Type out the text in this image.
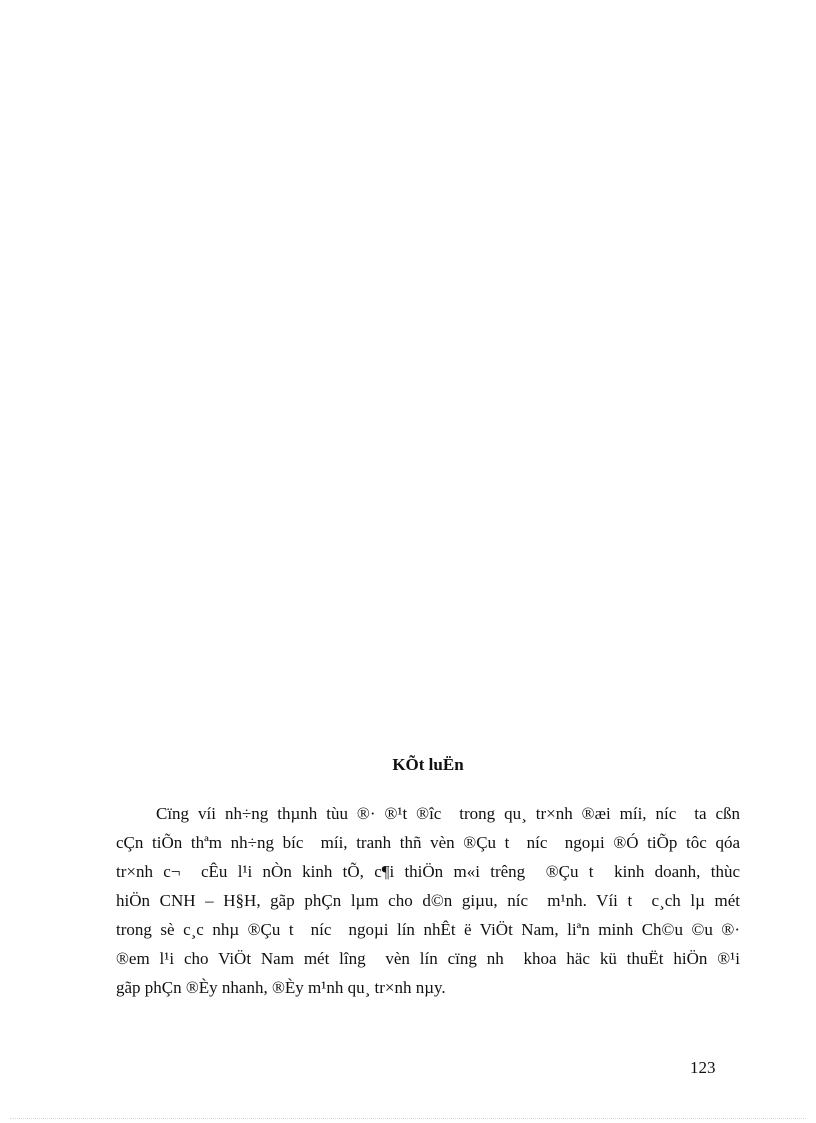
KÕt luËn
Cïng víi nh÷ng thµnh tùu ®· ®¹t ®îc  trong qu¸ tr×nh ®æi míi, níc  ta cßn
cÇn tiÕn thªm nh÷ng bíc  míi, tranh thñ vèn ®Çu t  níc  ngoµi ®Ó tiÕp tôc qóa
tr×nh c¬  cÊu l¹i nÒn kinh tÕ, c¶i thiÖn m«i trêng  ®Çu t  kinh doanh, thùc
hiÖn CNH – H§H, gãp phÇn lµm cho d©n giµu, níc  m¹nh. Víi t  c¸ch lµ mét
trong sè c¸c nhµ ®Çu t  níc  ngoµi lín nhÊt ë ViÖt Nam, liªn minh Ch©u ©u ®·
®em l¹i cho ViÖt Nam mét lîng  vèn lín cïng nh  khoa häc kü thuËt hiÖn ®¹i
gãp phÇn ®Èy nhanh, ®Èy m¹nh qu¸ tr×nh nµy.
123
